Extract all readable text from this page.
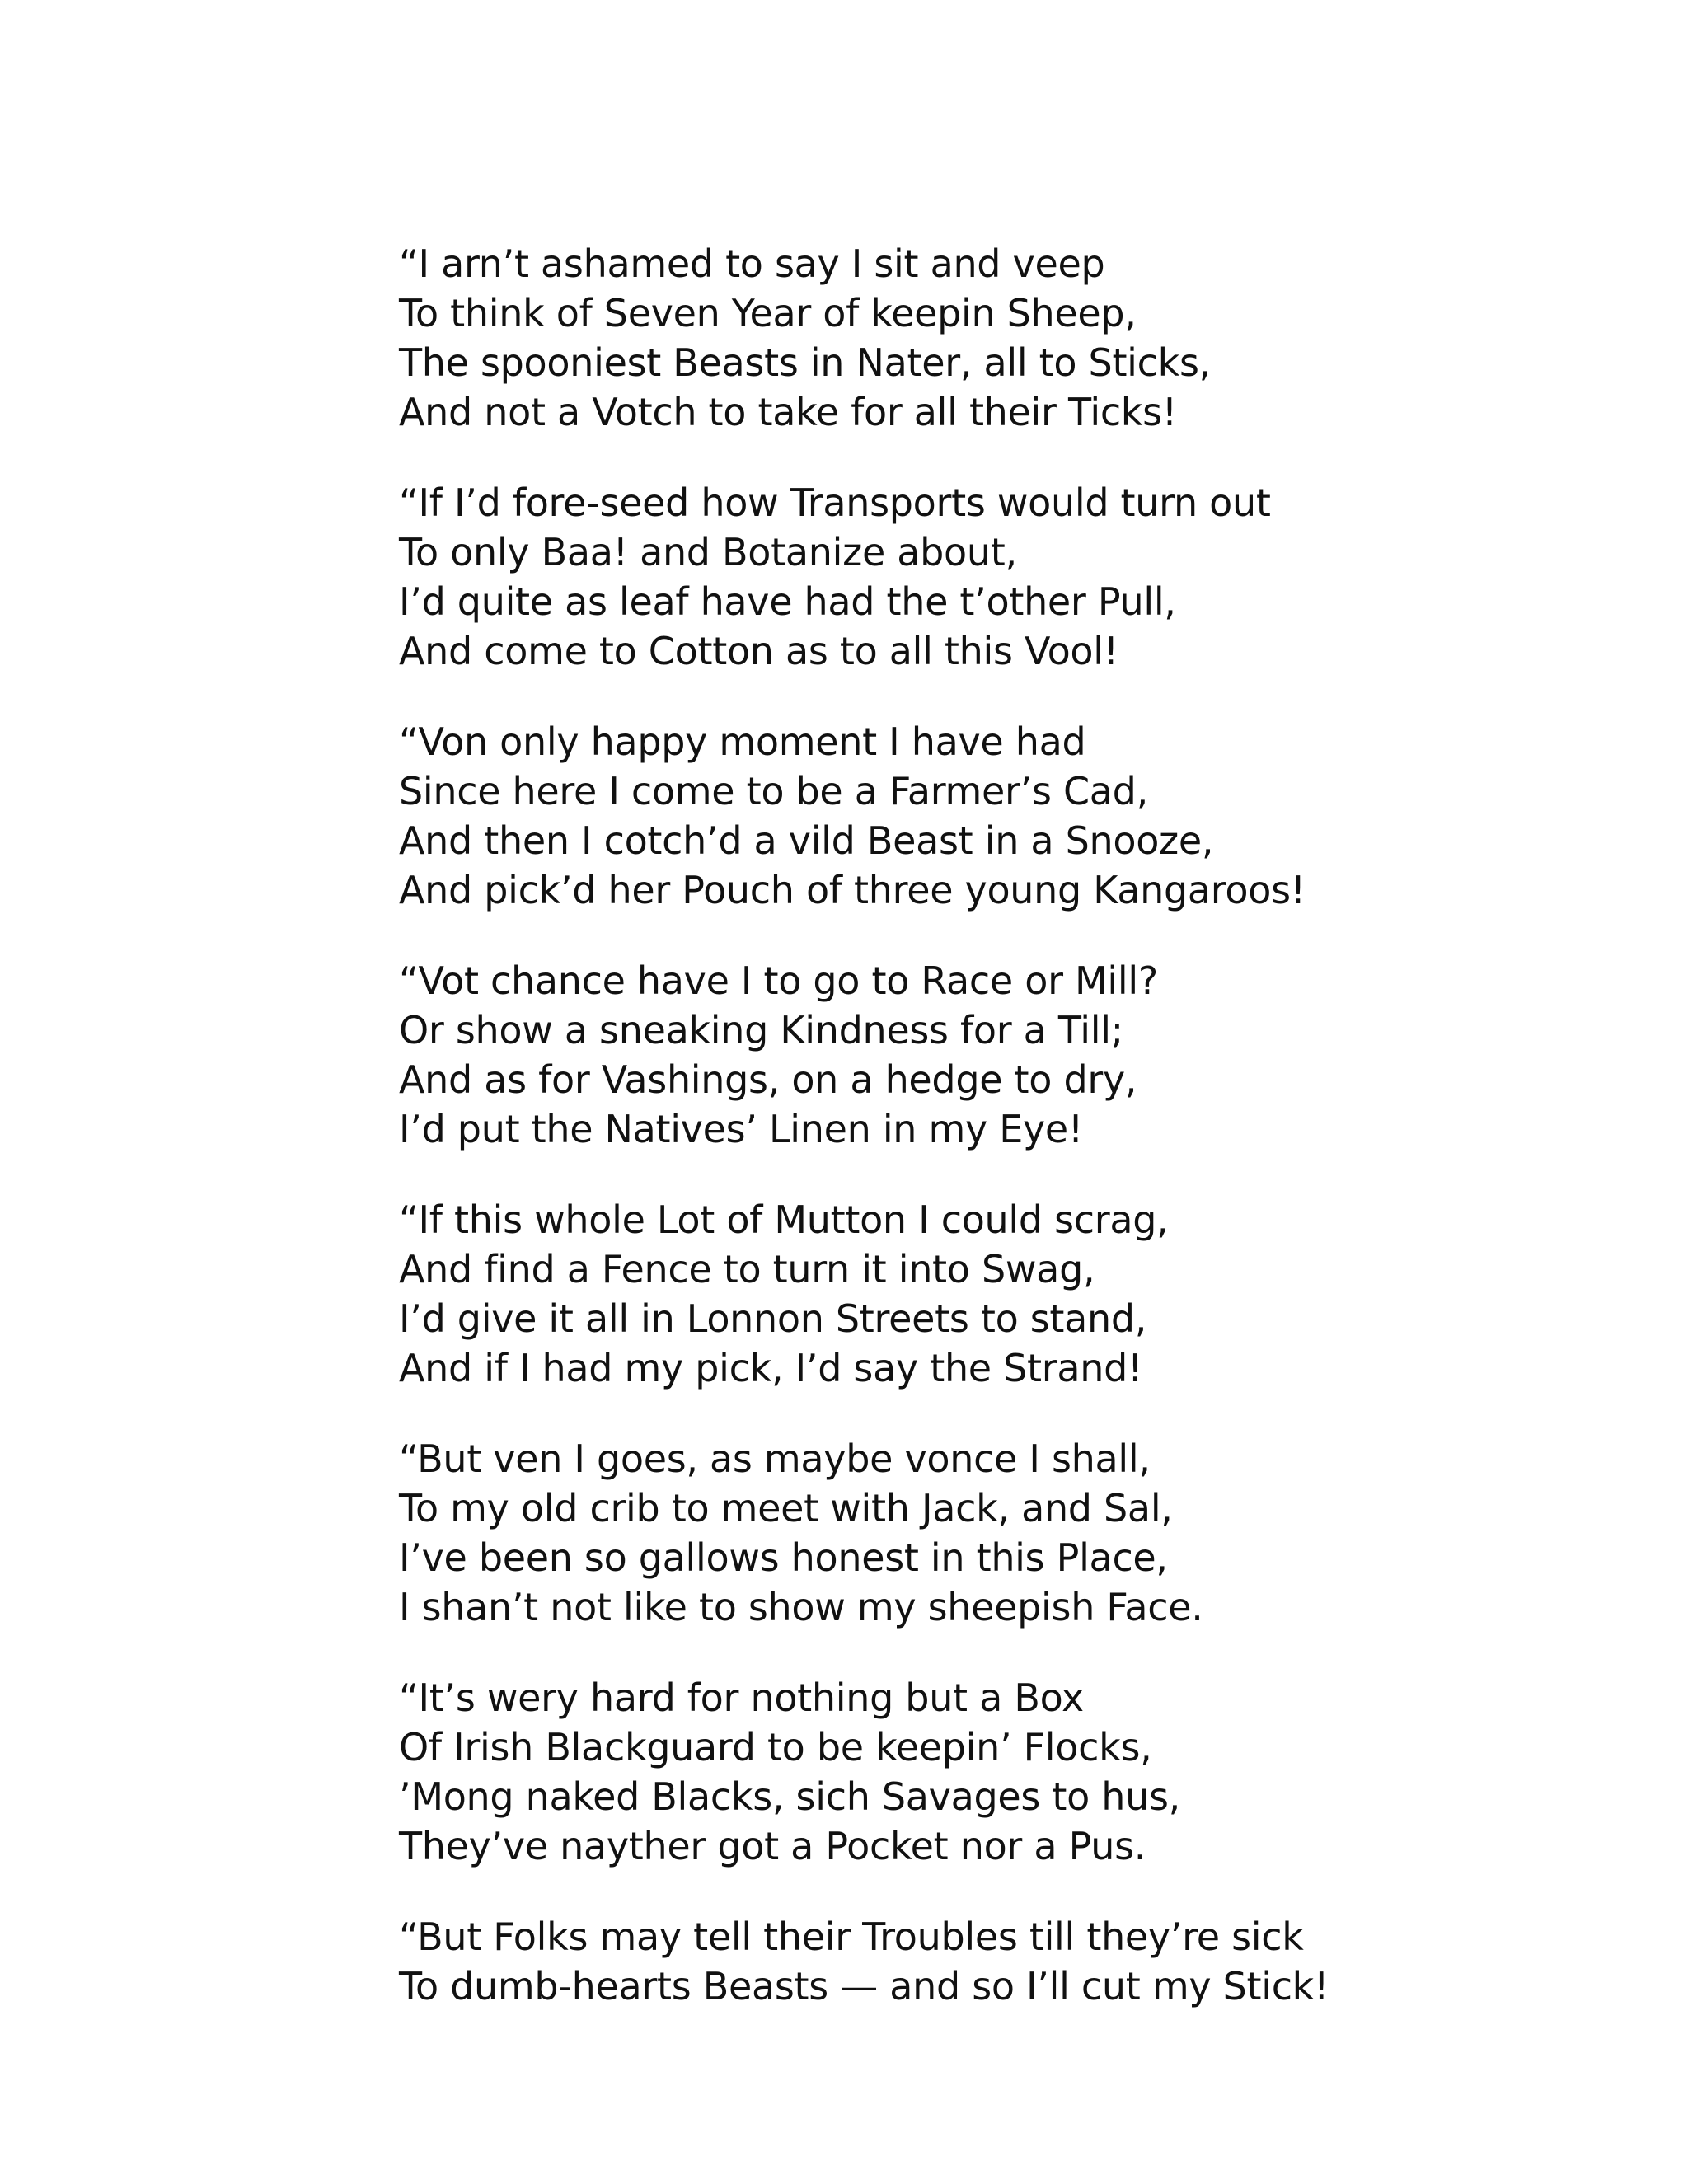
“I arn’t ashamed to say I sit and veep
To think of Seven Year of keepin Sheep,
The spooniest Beasts in Nater, all to Sticks,
And not a Votch to take for all their Ticks!
“If I’d fore-seed how Transports would turn out
To only Baa! and Botanize about,
I’d quite as leaf have had the t’other Pull,
And come to Cotton as to all this Vool!
“Von only happy moment I have had
Since here I come to be a Farmer’s Cad,
And then I cotch’d a vild Beast in a Snooze,
And pick’d her Pouch of three young Kangaroos!
“Vot chance have I to go to Race or Mill?
Or show a sneaking Kindness for a Till;
And as for Vashings, on a hedge to dry,
I’d put the Natives’ Linen in my Eye!
“If this whole Lot of Mutton I could scrag,
And find a Fence to turn it into Swag,
I’d give it all in Lonnon Streets to stand,
And if I had my pick, I’d say the Strand!
“But ven I goes, as maybe vonce I shall,
To my old crib to meet with Jack, and Sal,
I’ve been so gallows honest in this Place,
I shan’t not like to show my sheepish Face.
“It’s wery hard for nothing but a Box
Of Irish Blackguard to be keepin’ Flocks,
’Mong naked Blacks, sich Savages to hus,
They’ve nayther got a Pocket nor a Pus.
“But Folks may tell their Troubles till they’re sick
To dumb-hearts Beasts — and so I’ll cut my Stick!
